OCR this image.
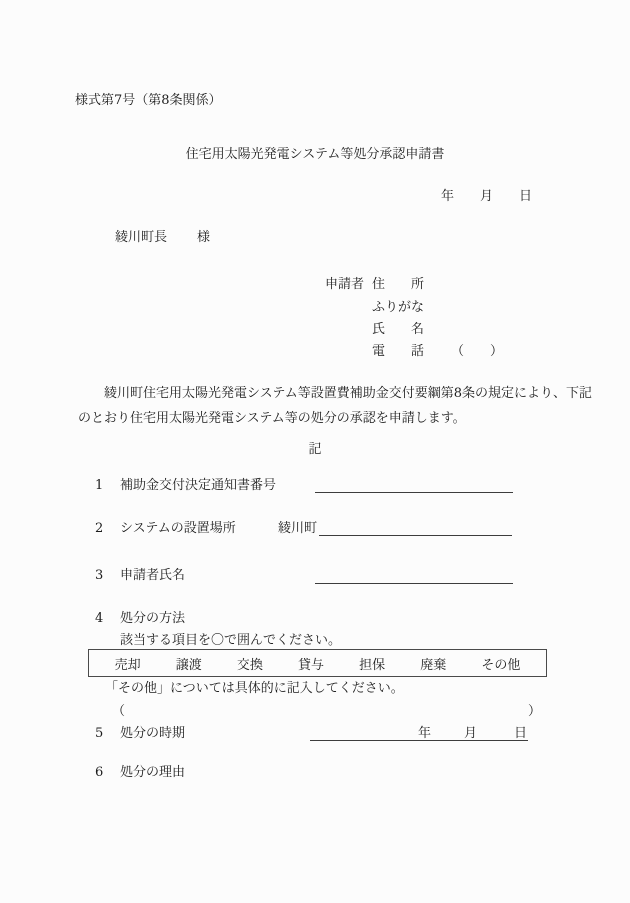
様式第7号（第8条関係）
住宅用太陽光発電システム等処分承認申請書
年　　月　　日
綾川町長 様
申請者 住　　所
ふりがな
氏　　名
電　　話 （　　）
　　綾川町住宅用太陽光発電システム等設置費補助金交付要綱第8条の規定により、下記
のとおり住宅用太陽光発電システム等の処分の承認を申請します。
記
1 補助金交付決定通知書番号
2 システムの設置場所	綾川町
3 申請者氏名
4 処分の方法
該当する項目を〇で囲んでください。
売却	譲渡	交換	貸与	担保	廃棄	その他
「その他」については具体的に記入してください。
（	）
5 処分の時期	年	月	日
6 処分の理由
